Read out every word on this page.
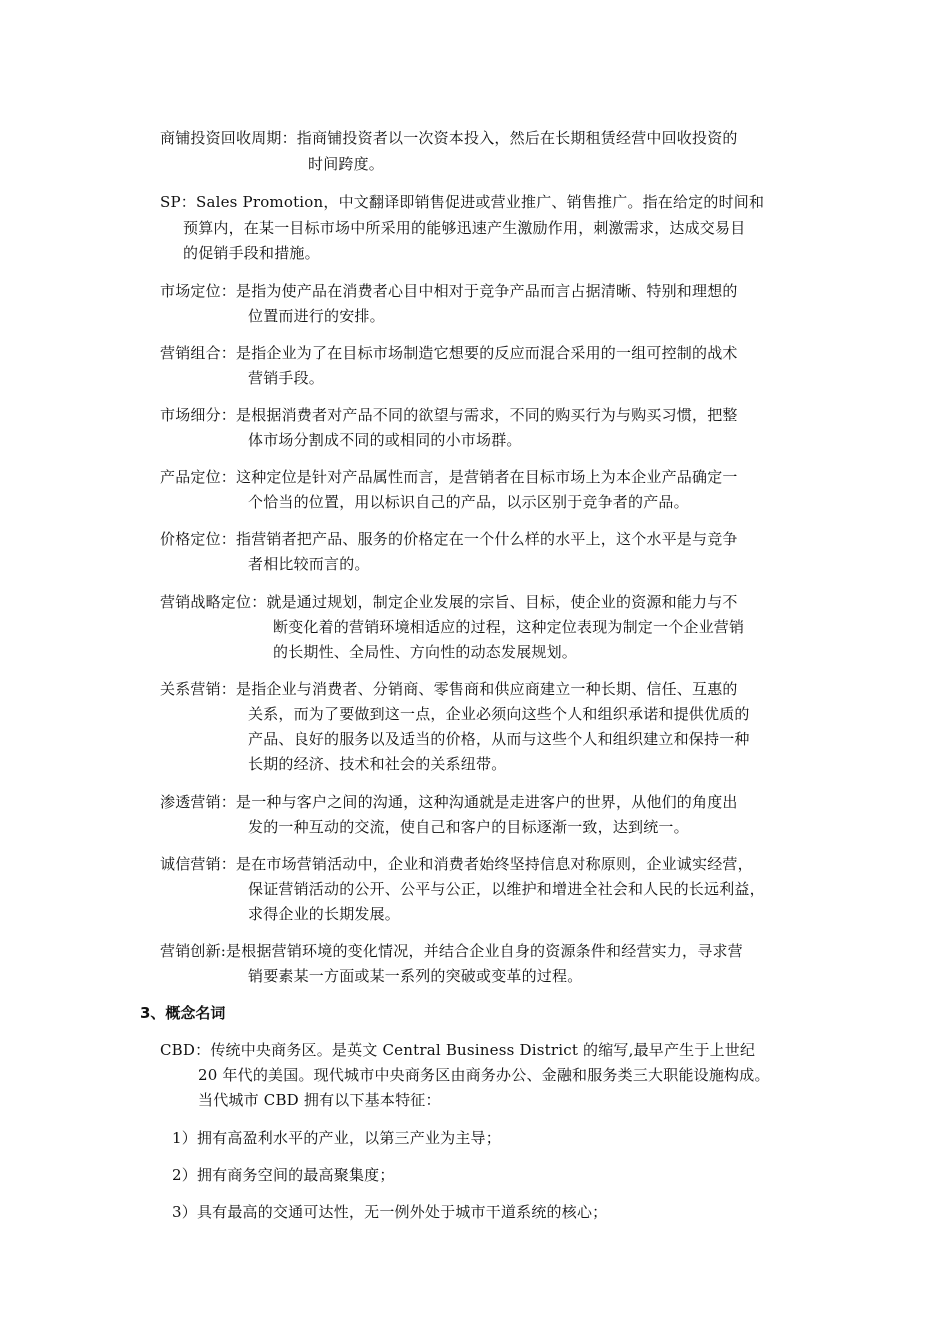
商铺投资回收周期：指商铺投资者以一次资本投入，然后在长期租赁经营中回收投资的
时间跨度。
SP：Sales Promotion，中文翻译即销售促进或营业推广、销售推广。指在给定的时间和
预算内，在某一目标市场中所采用的能够迅速产生激励作用，刺激需求，达成交易目
的促销手段和措施。
市场定位：是指为使产品在消费者心目中相对于竞争产品而言占据清晰、特别和理想的
位置而进行的安排。
营销组合：是指企业为了在目标市场制造它想要的反应而混合采用的一组可控制的战术
营销手段。
市场细分：是根据消费者对产品不同的欲望与需求，不同的购买行为与购买习惯，把整
体市场分割成不同的或相同的小市场群。
产品定位：这种定位是针对产品属性而言，是营销者在目标市场上为本企业产品确定一
个恰当的位置，用以标识自己的产品，以示区别于竞争者的产品。
价格定位：指营销者把产品、服务的价格定在一个什么样的水平上，这个水平是与竞争
者相比较而言的。
营销战略定位：就是通过规划，制定企业发展的宗旨、目标，使企业的资源和能力与不
断变化着的营销环境相适应的过程，这种定位表现为制定一个企业营销
的长期性、全局性、方向性的动态发展规划。
关系营销：是指企业与消费者、分销商、零售商和供应商建立一种长期、信任、互惠的
关系，而为了要做到这一点，企业必须向这些个人和组织承诺和提供优质的
产品、良好的服务以及适当的价格，从而与这些个人和组织建立和保持一种
长期的经济、技术和社会的关系纽带。
渗透营销：是一种与客户之间的沟通，这种沟通就是走进客户的世界，从他们的角度出
发的一种互动的交流，使自己和客户的目标逐渐一致，达到统一。
诚信营销：是在市场营销活动中，企业和消费者始终坚持信息对称原则，企业诚实经营，
保证营销活动的公开、公平与公正，以维护和增进全社会和人民的长远利益，
求得企业的长期发展。
营销创新:是根据营销环境的变化情况，并结合企业自身的资源条件和经营实力，寻求营
销要素某一方面或某一系列的突破或变革的过程。
3、概念名词
CBD：传统中央商务区。是英文 Central Business District 的缩写,最早产生于上世纪
20 年代的美国。现代城市中央商务区由商务办公、金融和服务类三大职能设施构成。
当代城市 CBD 拥有以下基本特征：
1）拥有高盈利水平的产业，以第三产业为主导；
2）拥有商务空间的最高聚集度；
3）具有最高的交通可达性，无一例外处于城市干道系统的核心；
